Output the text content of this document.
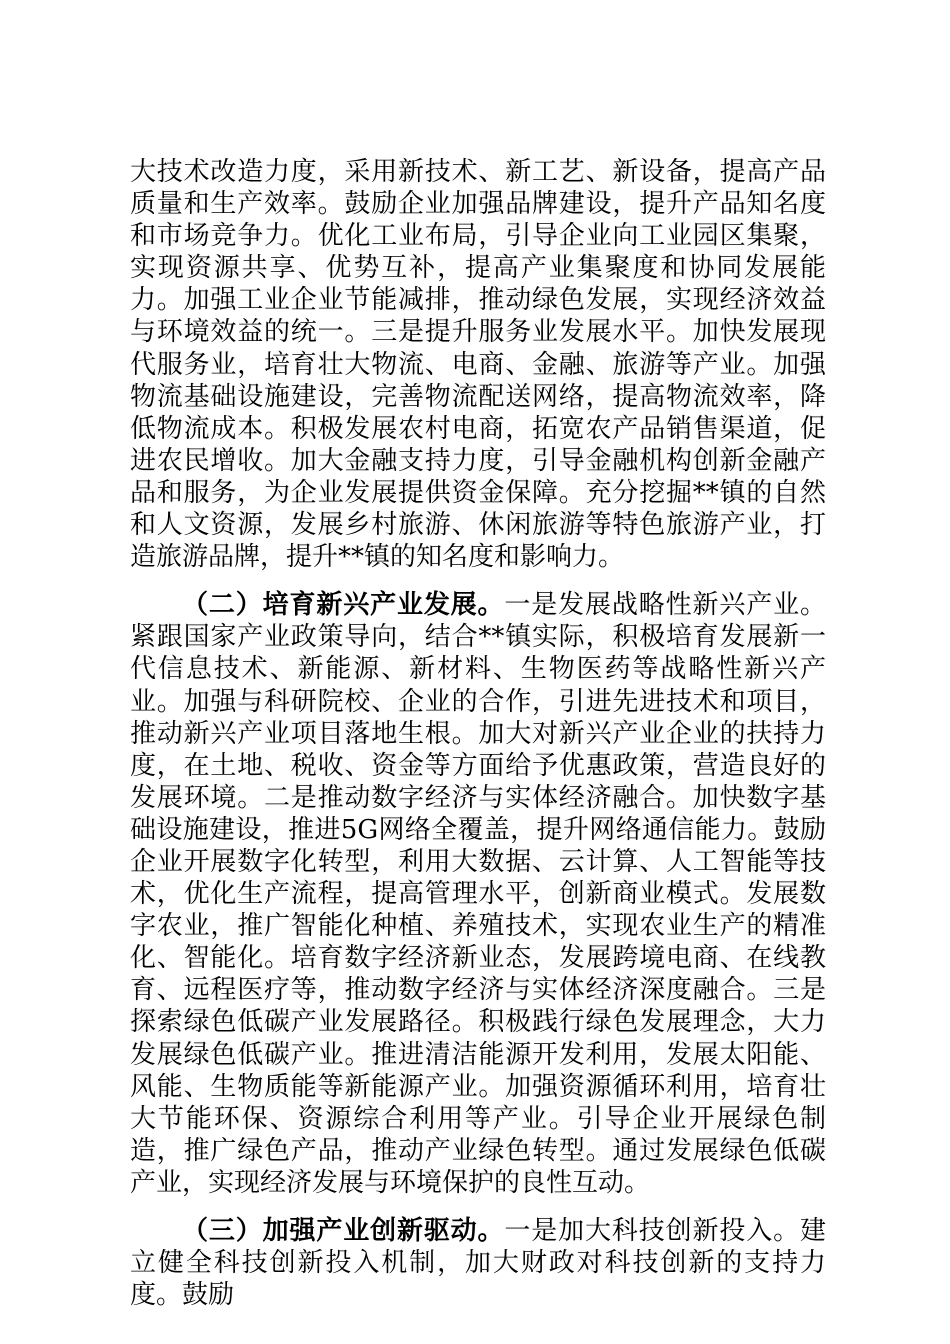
大技术改造力度，采用新技术、新工艺、新设备，提高产品质量和生产效率。鼓励企业加强品牌建设，提升产品知名度和市场竞争力。优化工业布局，引导企业向工业园区集聚，实现资源共享、优势互补，提高产业集聚度和协同发展能力。加强工业企业节能减排，推动绿色发展，实现经济效益与环境效益的统一。三是提升服务业发展水平。加快发展现代服务业，培育壮大物流、电商、金融、旅游等产业。加强物流基础设施建设，完善物流配送网络，提高物流效率，降低物流成本。积极发展农村电商，拓宽农产品销售渠道，促进农民增收。加大金融支持力度，引导金融机构创新金融产品和服务，为企业发展提供资金保障。充分挖掘**镇的自然和人文资源，发展乡村旅游、休闲旅游等特色旅游产业，打造旅游品牌，提升**镇的知名度和影响力。

（二）培育新兴产业发展。一是发展战略性新兴产业。紧跟国家产业政策导向，结合**镇实际，积极培育发展新一代信息技术、新能源、新材料、生物医药等战略性新兴产业。加强与科研院校、企业的合作，引进先进技术和项目，推动新兴产业项目落地生根。加大对新兴产业企业的扶持力度，在土地、税收、资金等方面给予优惠政策，营造良好的发展环境。二是推动数字经济与实体经济融合。加快数字基础设施建设，推进5G网络全覆盖，提升网络通信能力。鼓励企业开展数字化转型，利用大数据、云计算、人工智能等技术，优化生产流程，提高管理水平，创新商业模式。发展数字农业，推广智能化种植、养殖技术，实现农业生产的精准化、智能化。培育数字经济新业态，发展跨境电商、在线教育、远程医疗等，推动数字经济与实体经济深度融合。三是探索绿色低碳产业发展路径。积极践行绿色发展理念，大力发展绿色低碳产业。推进清洁能源开发利用，发展太阳能、风能、生物质能等新能源产业。加强资源循环利用，培育壮大节能环保、资源综合利用等产业。引导企业开展绿色制造，推广绿色产品，推动产业绿色转型。通过发展绿色低碳产业，实现经济发展与环境保护的良性互动。

（三）加强产业创新驱动。一是加大科技创新投入。建立健全科技创新投入机制，加大财政对科技创新的支持力度。鼓励
